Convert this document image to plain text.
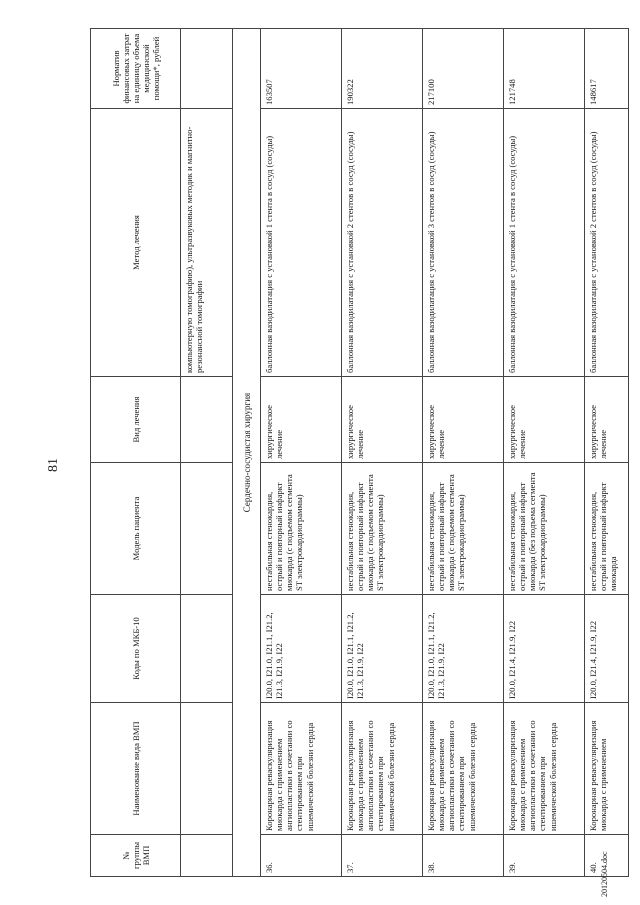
81
№ группы ВМП	Наименование вида ВМП	Коды по МКБ-10	Модель пациента	Вид лечения	Метод лечения	Норматив финансовых затрат на единицу объема медицинской помощи*, рублей
					компьютерную томографию), ультразвуковых методик и магнитно-резонансной томографии	
Сердечно-сосудистая хирургия						
36.	Коронарная реваскуляризация миокарда с применением ангиопластики в сочетании со стентированием при ишемической болезни сердца	I20.0, I21.0, I21.1, I21.2, I21.3, I21.9, I22	нестабильная стенокардия, острый и повторный инфаркт миокарда (с подъемом сегмента ST электрокардиограммы)	хирургическое лечение	баллонная вазодилатация с установкой 1 стента в сосуд (сосуды)	163507
37.	Коронарная реваскуляризация миокарда с применением ангиопластики в сочетании со стентированием при ишемической болезни сердца	I20.0, I21.0, I21.1, I21.2, I21.3, I21.9, I22	нестабильная стенокардия, острый и повторный инфаркт миокарда (с подъемом сегмента ST электрокардиограммы)	хирургическое лечение	баллонная вазодилатация с установкой 2 стентов в сосуд (сосуды)	190322
38.	Коронарная реваскуляризация миокарда с применением ангиопластики в сочетании со стентированием при ишемической болезни сердца	I20.0, I21.0, I21.1, I21.2, I21.3, I21.9, I22	нестабильная стенокардия, острый и повторный инфаркт миокарда (с подъемом сегмента ST электрокардиограммы)	хирургическое лечение	баллонная вазодилатация с установкой 3 стентов в сосуд (сосуды)	217100
39.	Коронарная реваскуляризация миокарда с применением ангиопластики в сочетании со стентированием при ишемической болезни сердца	I20.0, I21.4, I21.9, I22	нестабильная стенокардия, острый и повторный инфаркт миокарда (без подъема сегмента ST электрокардиограммы)	хирургическое лечение	баллонная вазодилатация с установкой 1 стента в сосуд (сосуды)	121748
40.	Коронарная реваскуляризация миокарда с применением	I20.0, I21.4, I21.9, I22	нестабильная стенокардия, острый и повторный инфаркт миокарда	хирургическое лечение	баллонная вазодилатация с установкой 2 стентов в сосуд (сосуды)	148617
20120504.doc
